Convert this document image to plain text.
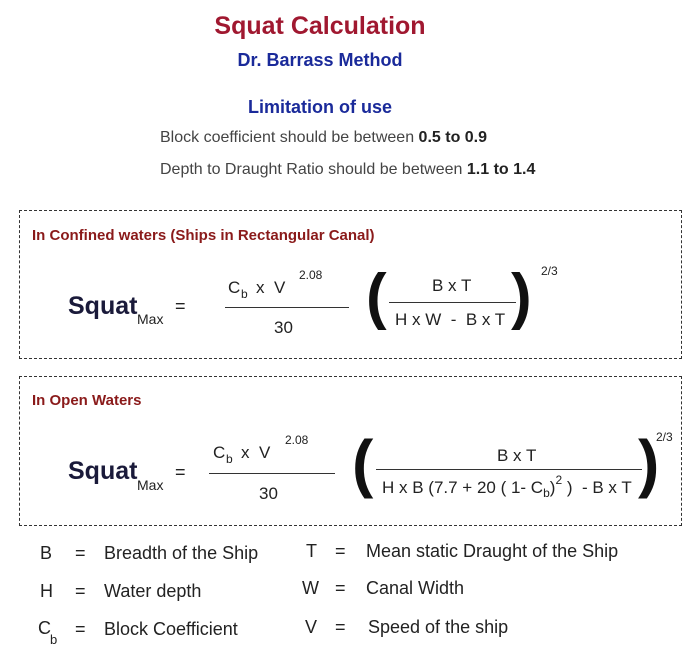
Squat Calculation
Dr. Barrass Method
Limitation of use
Block coefficient should be between 0.5 to 0.9
Depth to Draught Ratio should be between 1.1 to 1.4
In Confined waters (Ships in Rectangular Canal)
Squat Max
=
C b x  V
2.08
30 (	B x T
H x W  -  B x T ) 2/3
In Open Waters
Squat Max
=
C b x  V
2.08
30 (	B x T
H x B (7.7 + 20 ( 1- $C_b)^2$ )  - B x T )
2/3
B = Breadth of the Ship	T = Mean static Draught of the Ship
H = Water depth	W = Canal Width
C
b
= Block Coefficient	V = Speed of the ship
